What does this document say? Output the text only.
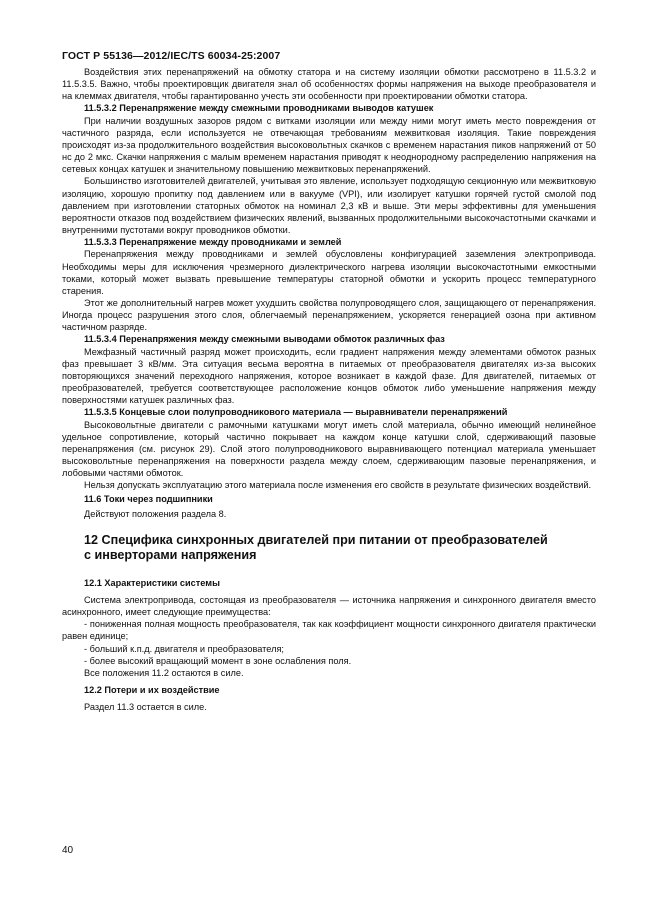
ГОСТ Р 55136—2012/IEC/TS 60034-25:2007

Воздействия этих перенапряжений на обмотку статора и на систему изоляции обмотки рассмотрено в 11.5.3.2 и 11.5.3.5. Важно, чтобы проектировщик двигателя знал об особенностях формы напряжения на выходе преобразователя и на клеммах двигателя, чтобы гарантированно учесть эти особенности при проектировании обмотки статора.

11.5.3.2 Перенапряжение между смежными проводниками выводов катушек

При наличии воздушных зазоров рядом с витками изоляции или между ними могут иметь место повреждения от частичного разряда, если используется не отвечающая требованиям межвитковая изоляция. Такие повреждения происходят из-за продолжительного воздействия высоковольтных скачков с временем нарастания пиков напряжений от 50 нс до 2 мкс. Скачки напряжения с малым временем нарастания приводят к неоднородному распределению напряжения на сетевых концах катушек и значительному повышению межвитковых перенапряжений.

Большинство изготовителей двигателей, учитывая это явление, использует подходящую секционную или межвитковую изоляцию, хорошую пропитку под давлением или в вакууме (VPI), или изолирует катушки горячей густой смолой под давлением при изготовлении статорных обмоток на номинал 2,3 кВ и выше. Эти меры эффективны для уменьшения вероятности отказов под воздействием физических явлений, вызванных продолжительными высокочастотными скачками и внутренними пустотами вокруг проводников обмотки.

11.5.3.3 Перенапряжение между проводниками и землей

Перенапряжения между проводниками и землей обусловлены конфигурацией заземления электропривода. Необходимы меры для исключения чрезмерного диэлектрического нагрева изоляции высокочастотными емкостными токами, который может вызвать превышение температуры статорной обмотки и ускорить процесс температурного старения.

Этот же дополнительный нагрев может ухудшить свойства полупроводящего слоя, защищающего от перенапряжения. Иногда процесс разрушения этого слоя, облегчаемый перенапряжением, ускоряется генерацией озона при активном частичном разряде.

11.5.3.4 Перенапряжения между смежными выводами обмоток различных фаз

Межфазный частичный разряд может происходить, если градиент напряжения между элементами обмоток разных фаз превышает 3 кВ/мм. Эта ситуация весьма вероятна в питаемых от преобразователя двигателях из-за высоких повторяющихся значений переходного напряжения, которое возникает в каждой фазе. Для двигателей, питаемых от преобразователей, требуется соответствующее расположение концов обмоток либо уменьшение напряжения между поверхностями катушек различных фаз.

11.5.3.5 Концевые слои полупроводникового материала — выравниватели перенапряжений

Высоковольтные двигатели с рамочными катушками могут иметь слой материала, обычно имеющий нелинейное удельное сопротивление, который частично покрывает на каждом конце катушки слой, сдерживающий пазовые перенапряжения (см. рисунок 29). Слой этого полупроводникового выравнивающего потенциал материала уменьшает высоковольтные перенапряжения на поверхности раздела между слоем, сдерживающим пазовые перенапряжения, и лобовыми частями обмоток.

Нельзя допускать эксплуатацию этого материала после изменения его свойств в результате физических воздействий.

11.6 Токи через подшипники

Действуют положения раздела 8.

12 Специфика синхронных двигателей при питании от преобразователей
с инверторами напряжения

12.1 Характеристики системы

Система электропривода, состоящая из преобразователя — источника напряжения и синхронного двигателя вместо асинхронного, имеет следующие преимущества:

- пониженная полная мощность преобразователя, так как коэффициент мощности синхронного двигателя практически равен единице;

- больший к.п.д. двигателя и преобразователя;

- более высокий вращающий момент в зоне ослабления поля.

Все положения 11.2 остаются в силе.

12.2 Потери и их воздействие

Раздел 11.3 остается в силе.

40
